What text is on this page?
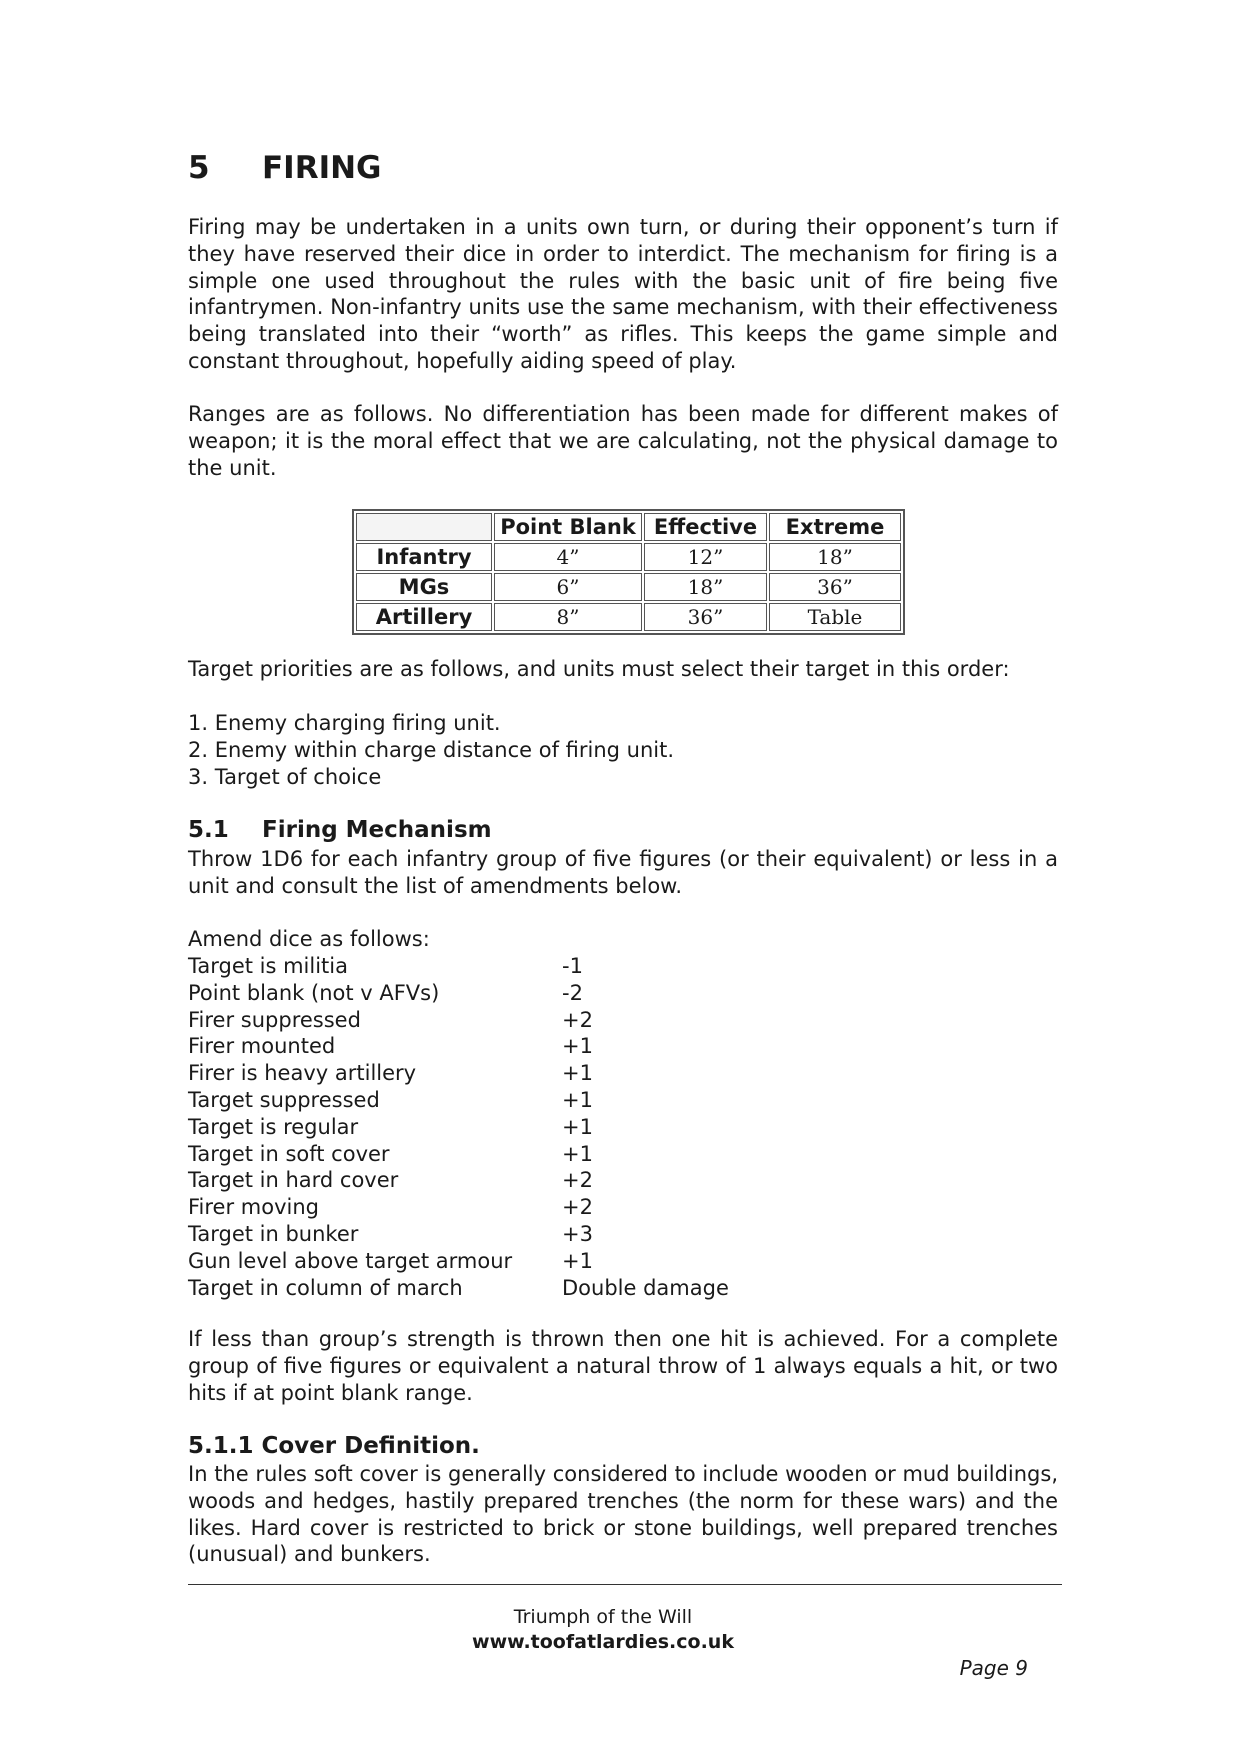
5 FIRING

Firing may be undertaken in a units own turn, or during their opponent’s turn if they have reserved their dice in order to interdict. The mechanism for firing is a simple one used throughout the rules with the basic unit of fire being five infantrymen. Non-infantry units use the same mechanism, with their effectiveness being translated into their “worth” as rifles. This keeps the game simple and constant throughout, hopefully aiding speed of play.

Ranges are as follows. No differentiation has been made for different makes of weapon; it is the moral effect that we are calculating, not the physical damage to the unit.

	Point Blank	Effective	Extreme
Infantry	4”	12”	18”
MGs	6”	18”	36”
Artillery	8”	36”	Table

Target priorities are as follows, and units must select their target in this order:

1. Enemy charging firing unit.
2. Enemy within charge distance of firing unit.
3. Target of choice
5.1 Firing Mechanism

Throw 1D6 for each infantry group of five figures (or their equivalent) or less in a unit and consult the list of amendments below.

Amend dice as follows:
Target is militia	-1
Point blank (not v AFVs)	-2
Firer suppressed	+2
Firer mounted	+1
Firer is heavy artillery	+1
Target suppressed	+1
Target is regular	+1
Target in soft cover	+1
Target in hard cover	+2
Firer moving	+2
Target in bunker	+3
Gun level above target armour	+1
Target in column of march	Double damage

If less than group’s strength is thrown then one hit is achieved. For a complete group of five figures or equivalent a natural throw of 1 always equals a hit, or two hits if at point blank range.

5.1.1 Cover Definition.

In the rules soft cover is generally considered to include wooden or mud buildings, woods and hedges, hastily prepared trenches (the norm for these wars) and the likes. Hard cover is restricted to brick or stone buildings, well prepared trenches (unusual) and bunkers.

Triumph of the Will
www.toofatlardies.co.uk
Page 9
